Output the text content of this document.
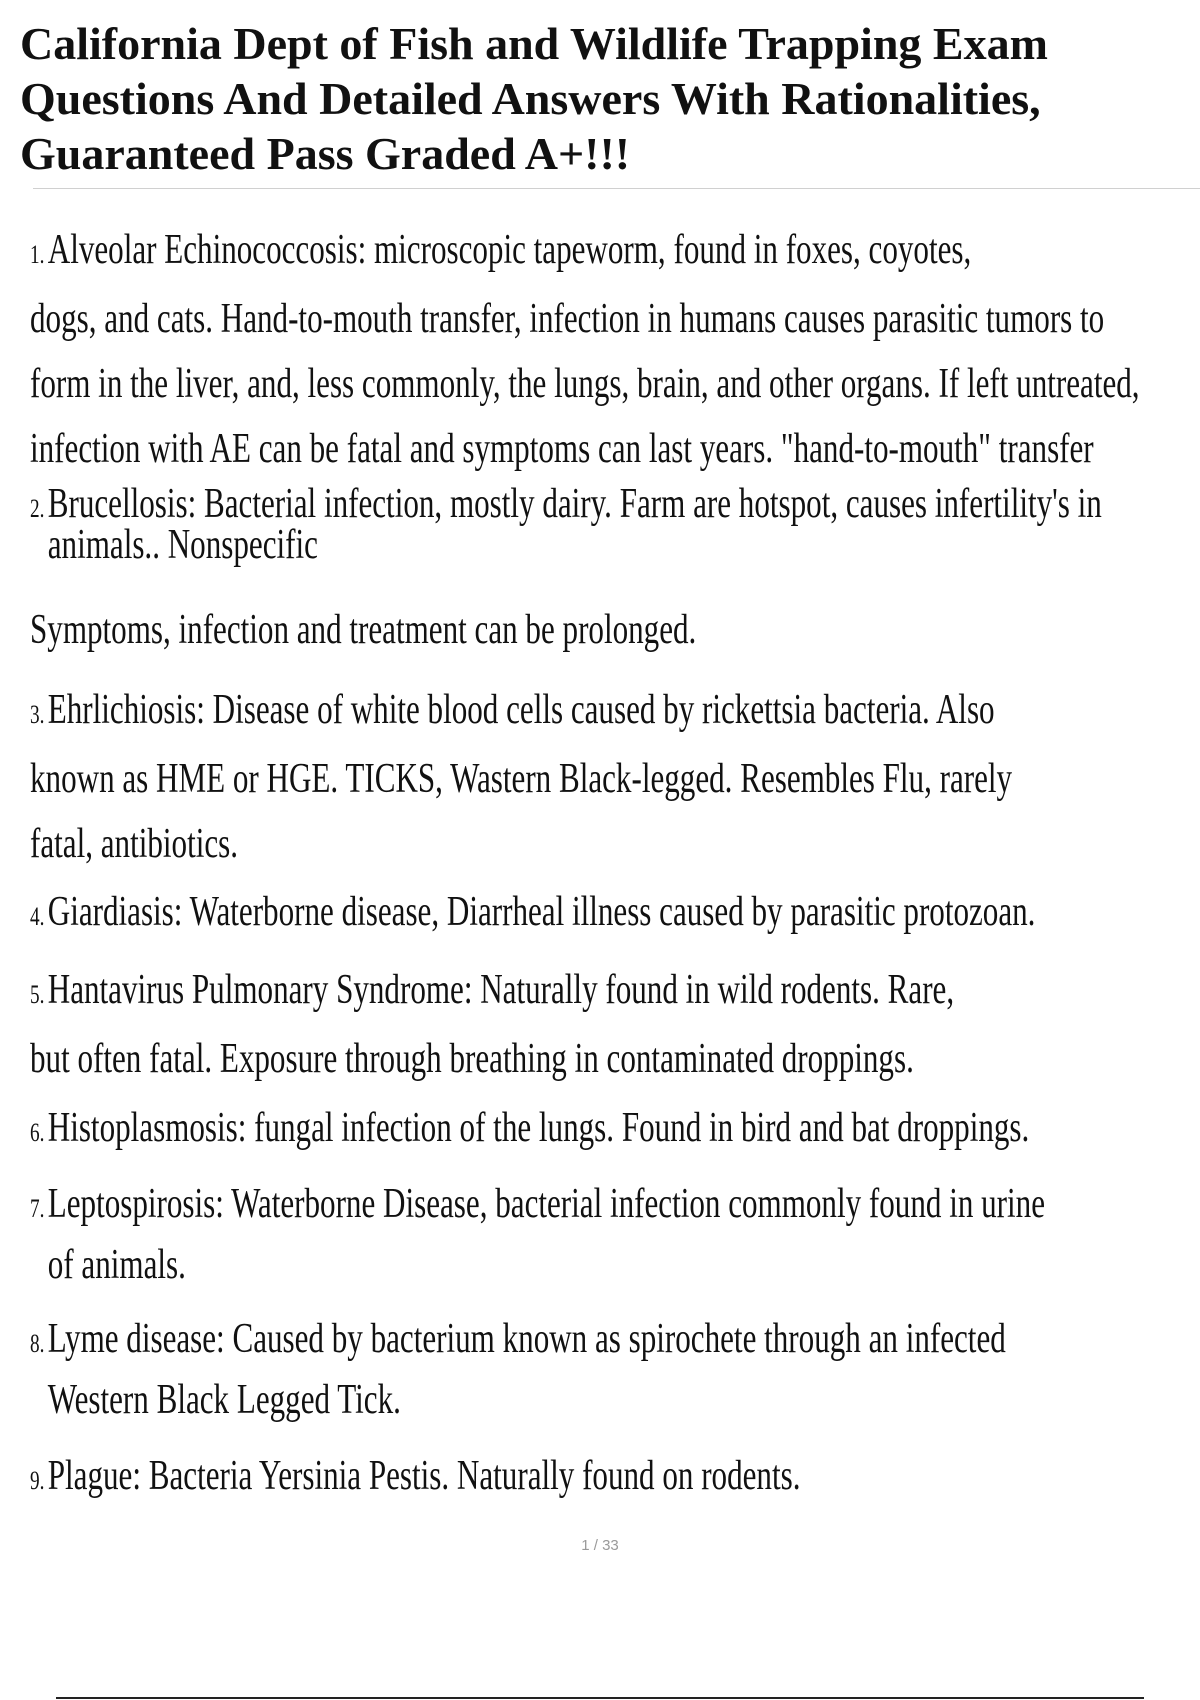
California Dept of Fish and Wildlife Trapping Exam Questions And Detailed Answers With Rationalities, Guaranteed Pass Graded A+!!!
1.Alveolar Echinococcosis: microscopic tapeworm, found in foxes, coyotes,
dogs, and cats. Hand-to-mouth transfer, infection in humans causes parasitic tumors to
form in the liver, and, less commonly, the lungs, brain, and other organs. If left untreated,
infection with AE can be fatal and symptoms can last years. "hand-to-mouth" transfer
2.Brucellosis: Bacterial infection, mostly dairy. Farm are hotspot, causes infertility's in
animals.. Nonspecific
Symptoms, infection and treatment can be prolonged.
3.Ehrlichiosis: Disease of white blood cells caused by rickettsia bacteria. Also
known as HME or HGE. TICKS, Wastern Black-legged. Resembles Flu, rarely
fatal, antibiotics.
4.Giardiasis: Waterborne disease, Diarrheal illness caused by parasitic protozoan.
5.Hantavirus Pulmonary Syndrome: Naturally found in wild rodents. Rare,
but often fatal. Exposure through breathing in contaminated droppings.
6.Histoplasmosis: fungal infection of the lungs. Found in bird and bat droppings.
7.Leptospirosis: Waterborne Disease, bacterial infection commonly found in urine
of animals.
8.Lyme disease: Caused by bacterium known as spirochete through an infected
Western Black Legged Tick.
9.Plague: Bacteria Yersinia Pestis. Naturally found on rodents.
1 / 33
